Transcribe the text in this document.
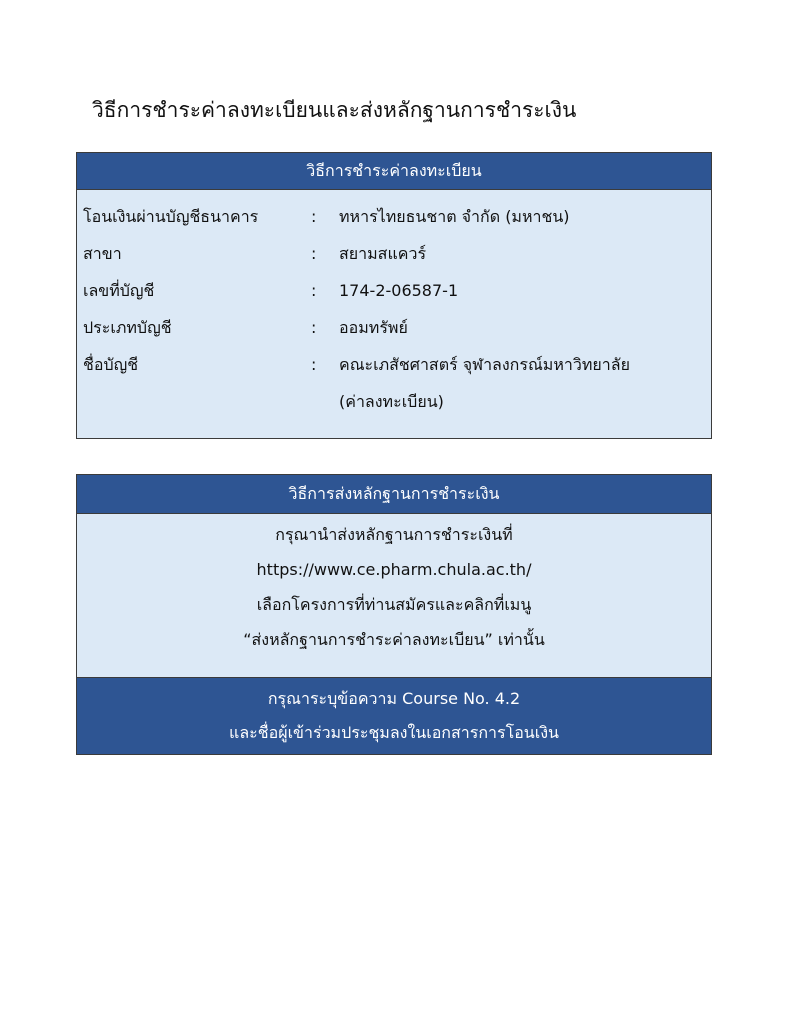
วิธีการชำระค่าลงทะเบียนและส่งหลักฐานการชำระเงิน
วิธีการชำระค่าลงทะเบียน
โอนเงินผ่านบัญชีธนาคาร	: ทหารไทยธนชาต จำกัด (มหาชน)
สาขา	: สยามสแควร์
เลขที่บัญชี	: 174-2-06587-1
ประเภทบัญชี	: ออมทรัพย์
ชื่อบัญชี	: คณะเภสัชศาสตร์ จุฬาลงกรณ์มหาวิทยาลัย
(ค่าลงทะเบียน)
วิธีการส่งหลักฐานการชำระเงิน
กรุณานำส่งหลักฐานการชำระเงินที่
https://www.ce.pharm.chula.ac.th/
เลือกโครงการที่ท่านสมัครและคลิกที่เมนู
“ส่งหลักฐานการชำระค่าลงทะเบียน” เท่านั้น
กรุณาระบุข้อความ Course No. 4.2
และชื่อผู้เข้าร่วมประชุมลงในเอกสารการโอนเงิน
